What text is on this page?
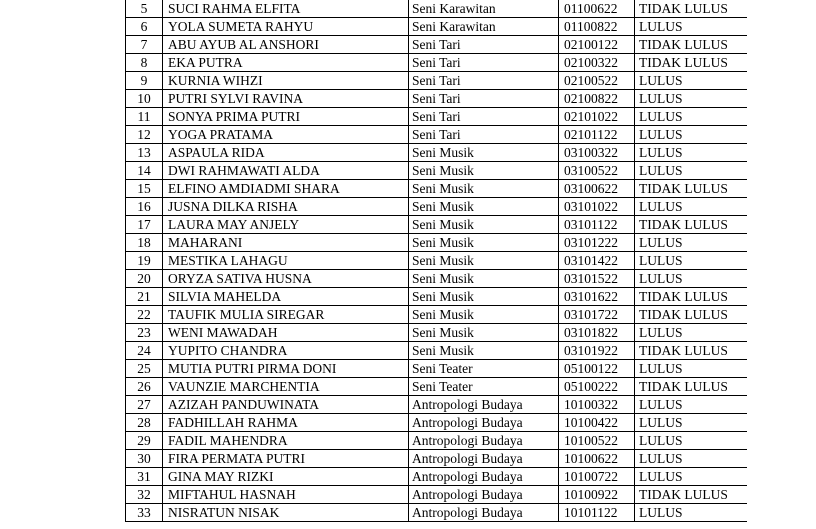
5	SUCI RAHMA ELFITA	Seni Karawitan	01100622	TIDAK LULUS
6	YOLA SUMETA RAHYU	Seni Karawitan	01100822	LULUS
7	ABU AYUB AL ANSHORI	Seni Tari	02100122	TIDAK LULUS
8	EKA PUTRA	Seni Tari	02100322	TIDAK LULUS
9	KURNIA WIHZI	Seni Tari	02100522	LULUS
10	PUTRI SYLVI RAVINA	Seni Tari	02100822	LULUS
11	SONYA PRIMA PUTRI	Seni Tari	02101022	LULUS
12	YOGA PRATAMA	Seni Tari	02101122	LULUS
13	ASPAULA RIDA	Seni Musik	03100322	LULUS
14	DWI RAHMAWATI ALDA	Seni Musik	03100522	LULUS
15	ELFINO AMDIADMI SHARA	Seni Musik	03100622	TIDAK LULUS
16	JUSNA DILKA RISHA	Seni Musik	03101022	LULUS
17	LAURA MAY ANJELY	Seni Musik	03101122	TIDAK LULUS
18	MAHARANI	Seni Musik	03101222	LULUS
19	MESTIKA LAHAGU	Seni Musik	03101422	LULUS
20	ORYZA SATIVA HUSNA	Seni Musik	03101522	LULUS
21	SILVIA MAHELDA	Seni Musik	03101622	TIDAK LULUS
22	TAUFIK MULIA SIREGAR	Seni Musik	03101722	TIDAK LULUS
23	WENI MAWADAH	Seni Musik	03101822	LULUS
24	YUPITO CHANDRA	Seni Musik	03101922	TIDAK LULUS
25	MUTIA PUTRI PIRMA DONI	Seni Teater	05100122	LULUS
26	VAUNZIE MARCHENTIA	Seni Teater	05100222	TIDAK LULUS
27	AZIZAH PANDUWINATA	Antropologi Budaya	10100322	LULUS
28	FADHILLAH RAHMA	Antropologi Budaya	10100422	LULUS
29	FADIL MAHENDRA	Antropologi Budaya	10100522	LULUS
30	FIRA PERMATA PUTRI	Antropologi Budaya	10100622	LULUS
31	GINA MAY RIZKI	Antropologi Budaya	10100722	LULUS
32	MIFTAHUL HASNAH	Antropologi Budaya	10100922	TIDAK LULUS
33	NISRATUN NISAK	Antropologi Budaya	10101122	LULUS
